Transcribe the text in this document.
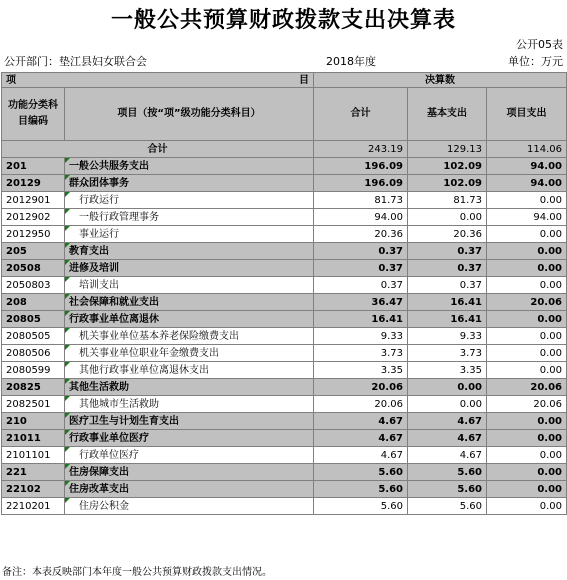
一般公共预算财政拨款支出决算表
公开05表
公开部门：垫江县妇女联合会	2018年度	单位：万元
项 目		决算数		
功能分类科目编码	项目（按“项”级功能分类科目）	合计	基本支出	项目支出
合计		243.19	129.13	114.06
201	一般公共服务支出	196.09	102.09	94.00
20129	群众团体事务	196.09	102.09	94.00
2012901	行政运行	81.73	81.73	0.00
2012902	一般行政管理事务	94.00	0.00	94.00
2012950	事业运行	20.36	20.36	0.00
205	教育支出	0.37	0.37	0.00
20508	进修及培训	0.37	0.37	0.00
2050803	培训支出	0.37	0.37	0.00
208	社会保障和就业支出	36.47	16.41	20.06
20805	行政事业单位离退休	16.41	16.41	0.00
2080505	机关事业单位基本养老保险缴费支出	9.33	9.33	0.00
2080506	机关事业单位职业年金缴费支出	3.73	3.73	0.00
2080599	其他行政事业单位离退休支出	3.35	3.35	0.00
20825	其他生活救助	20.06	0.00	20.06
2082501	其他城市生活救助	20.06	0.00	20.06
210	医疗卫生与计划生育支出	4.67	4.67	0.00
21011	行政事业单位医疗	4.67	4.67	0.00
2101101	行政单位医疗	4.67	4.67	0.00
221	住房保障支出	5.60	5.60	0.00
22102	住房改革支出	5.60	5.60	0.00
2210201	住房公积金	5.60	5.60	0.00
备注：本表反映部门本年度一般公共预算财政拨款支出情况。
